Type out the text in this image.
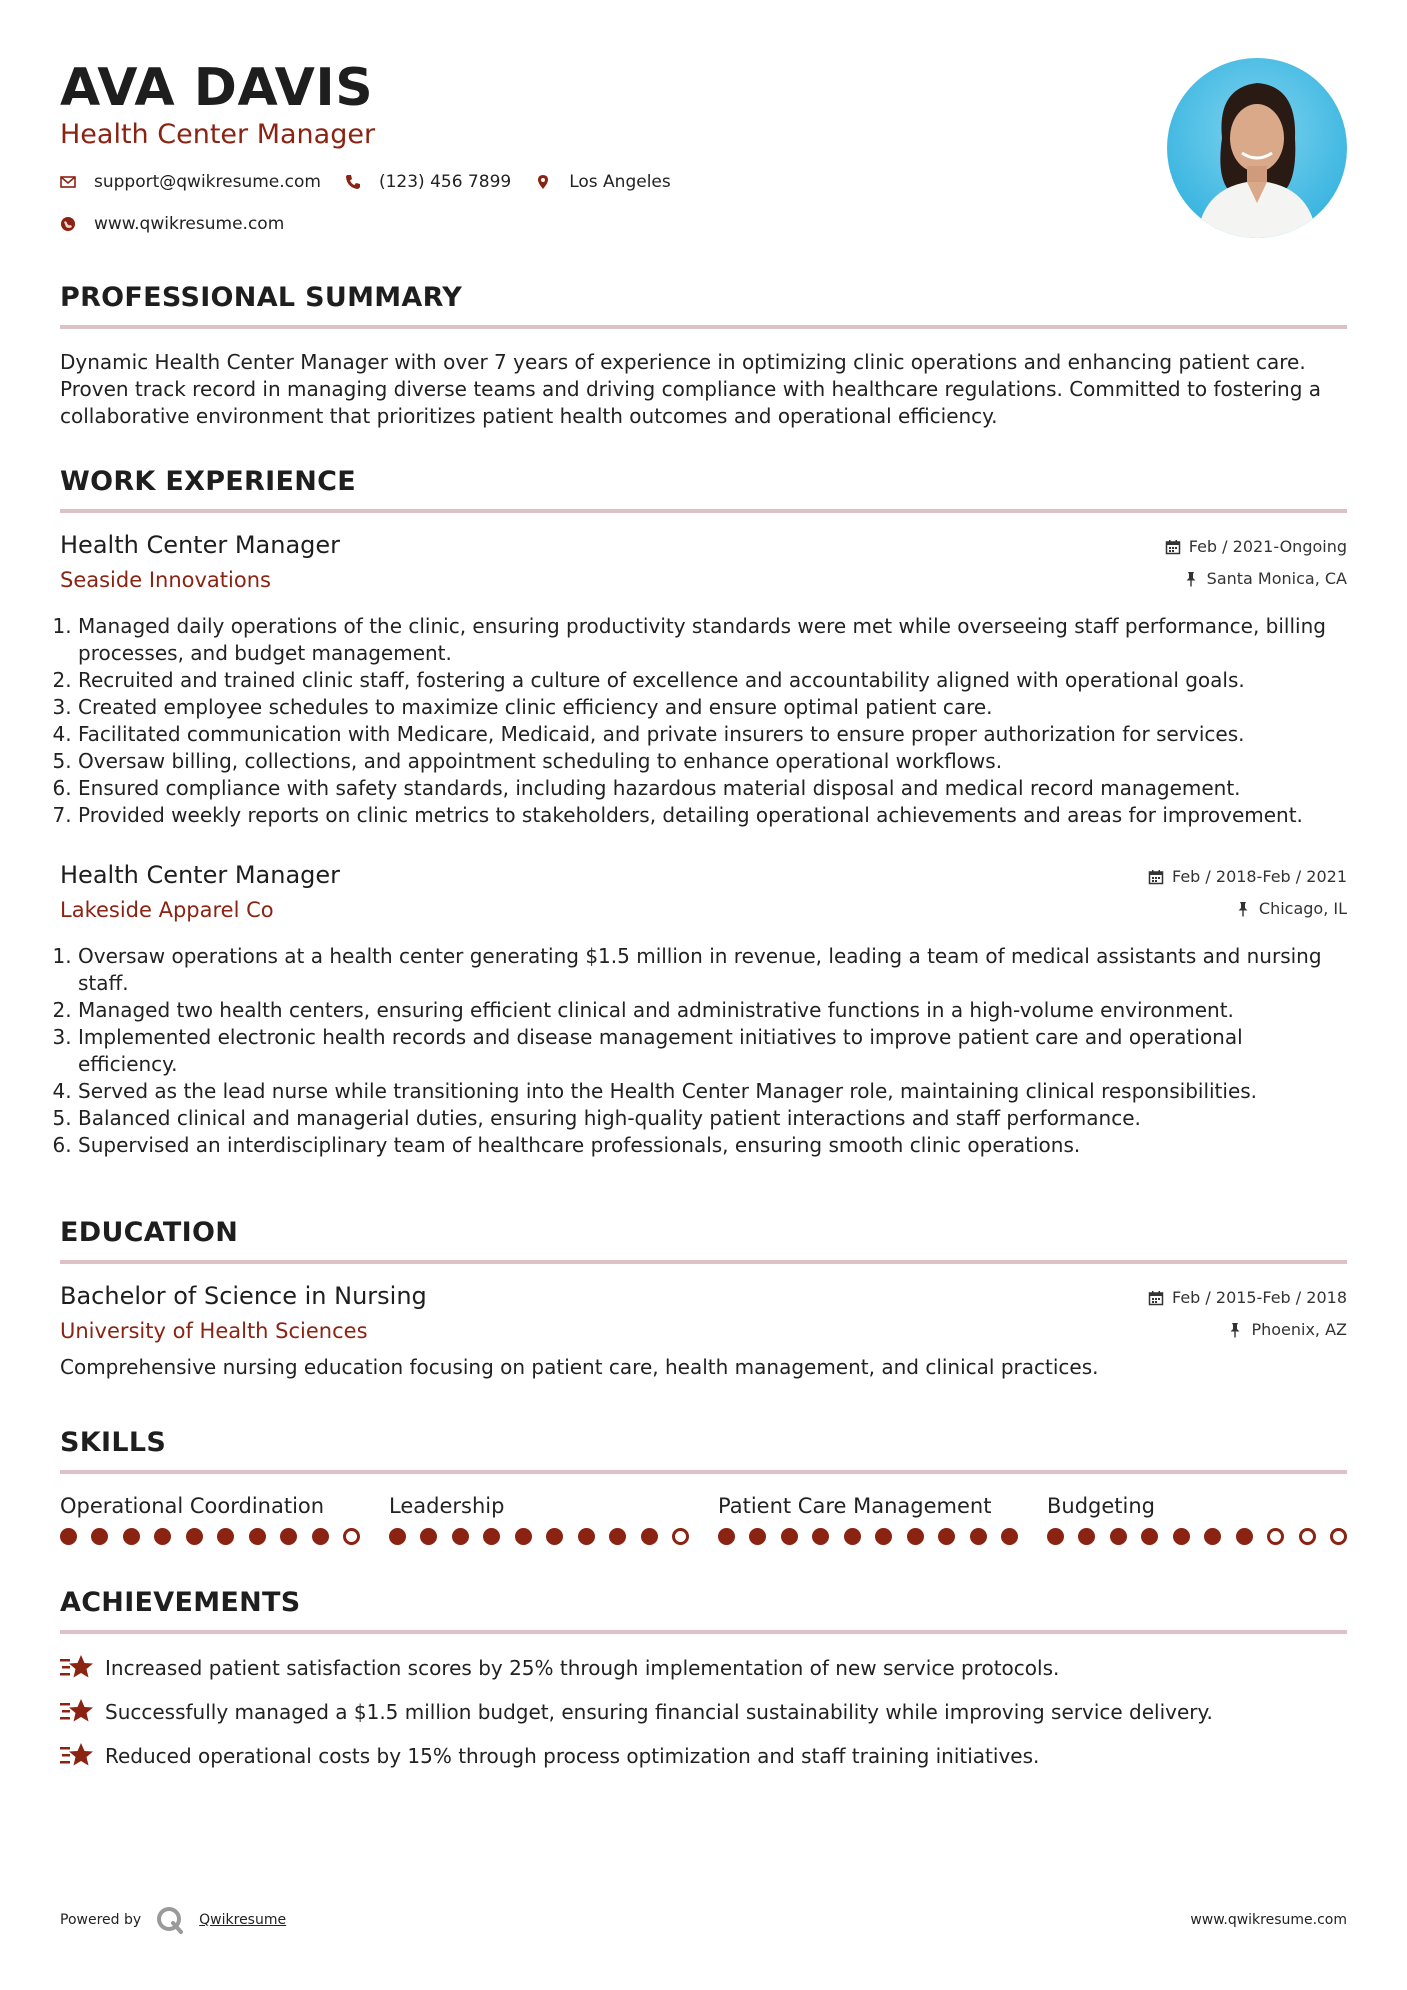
AVA DAVIS
Health Center Manager
support@qwikresume.com	(123) 456 7899	Los Angeles
www.qwikresume.com
PROFESSIONAL SUMMARY

Dynamic Health Center Manager with over 7 years of experience in optimizing clinic operations and enhancing patient care. Proven track record in managing diverse teams and driving compliance with healthcare regulations. Committed to fostering a collaborative environment that prioritizes patient health outcomes and operational efficiency.

WORK EXPERIENCE
Health Center Manager
Seaside Innovations
Feb / 2021-Ongoing
Santa Monica, CA
1. Managed daily operations of the clinic, ensuring productivity standards were met while overseeing staff performance, billing processes, and budget management.
2. Recruited and trained clinic staff, fostering a culture of excellence and accountability aligned with operational goals.
3. Created employee schedules to maximize clinic efficiency and ensure optimal patient care.
4. Facilitated communication with Medicare, Medicaid, and private insurers to ensure proper authorization for services.
5. Oversaw billing, collections, and appointment scheduling to enhance operational workflows.
6. Ensured compliance with safety standards, including hazardous material disposal and medical record management.
7. Provided weekly reports on clinic metrics to stakeholders, detailing operational achievements and areas for improvement.
Health Center Manager
Lakeside Apparel Co
Feb / 2018-Feb / 2021
Chicago, IL
1. Oversaw operations at a health center generating $1.5 million in revenue, leading a team of medical assistants and nursing staff.
2. Managed two health centers, ensuring efficient clinical and administrative functions in a high-volume environment.
3. Implemented electronic health records and disease management initiatives to improve patient care and operational efficiency.
4. Served as the lead nurse while transitioning into the Health Center Manager role, maintaining clinical responsibilities.
5. Balanced clinical and managerial duties, ensuring high-quality patient interactions and staff performance.
6. Supervised an interdisciplinary team of healthcare professionals, ensuring smooth clinic operations.
EDUCATION
Bachelor of Science in Nursing
University of Health Sciences
Feb / 2015-Feb / 2018
Phoenix, AZ

Comprehensive nursing education focusing on patient care, health management, and clinical practices.

SKILLS
Operational Coordination	Leadership	Patient Care Management	Budgeting
ACHIEVEMENTS
Increased patient satisfaction scores by 25% through implementation of new service protocols.
Successfully managed a $1.5 million budget, ensuring financial sustainability while improving service delivery.
Reduced operational costs by 15% through process optimization and staff training initiatives.
Powered by	Qwikresume	www.qwikresume.com
